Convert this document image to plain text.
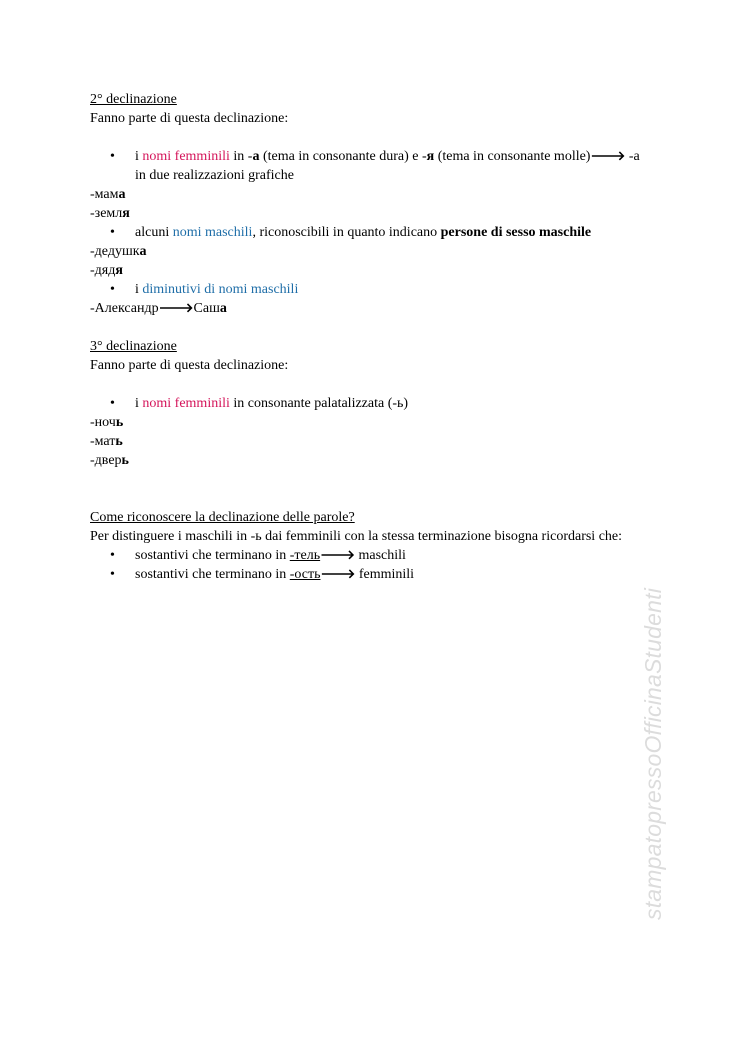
2° declinazione
Fanno parte di questa declinazione:
• i nomi femminili in -a (tema in consonante dura) e -я (tema in consonante molle)🡒 -a
in due realizzazioni grafiche
-мама
-земля
• alcuni nomi maschili, riconoscibili in quanto indicano persone di sesso maschile
-дедушка
-дядя
• i diminutivi di nomi maschili
-Александр🡒Саша
3° declinazione
Fanno parte di questa declinazione:
• i nomi femminili in consonante palatalizzata (-ь)
-ночь
-мать
-дверь
Come riconoscere la declinazione delle parole?
Per distinguere i maschili in -ь dai femminili con la stessa terminazione bisogna ricordarsi che:
• sostantivi che terminano in -тель🡒 maschili
• sostantivi che terminano in -ость🡒 femminili
stampatopressoOfficinaStudenti
